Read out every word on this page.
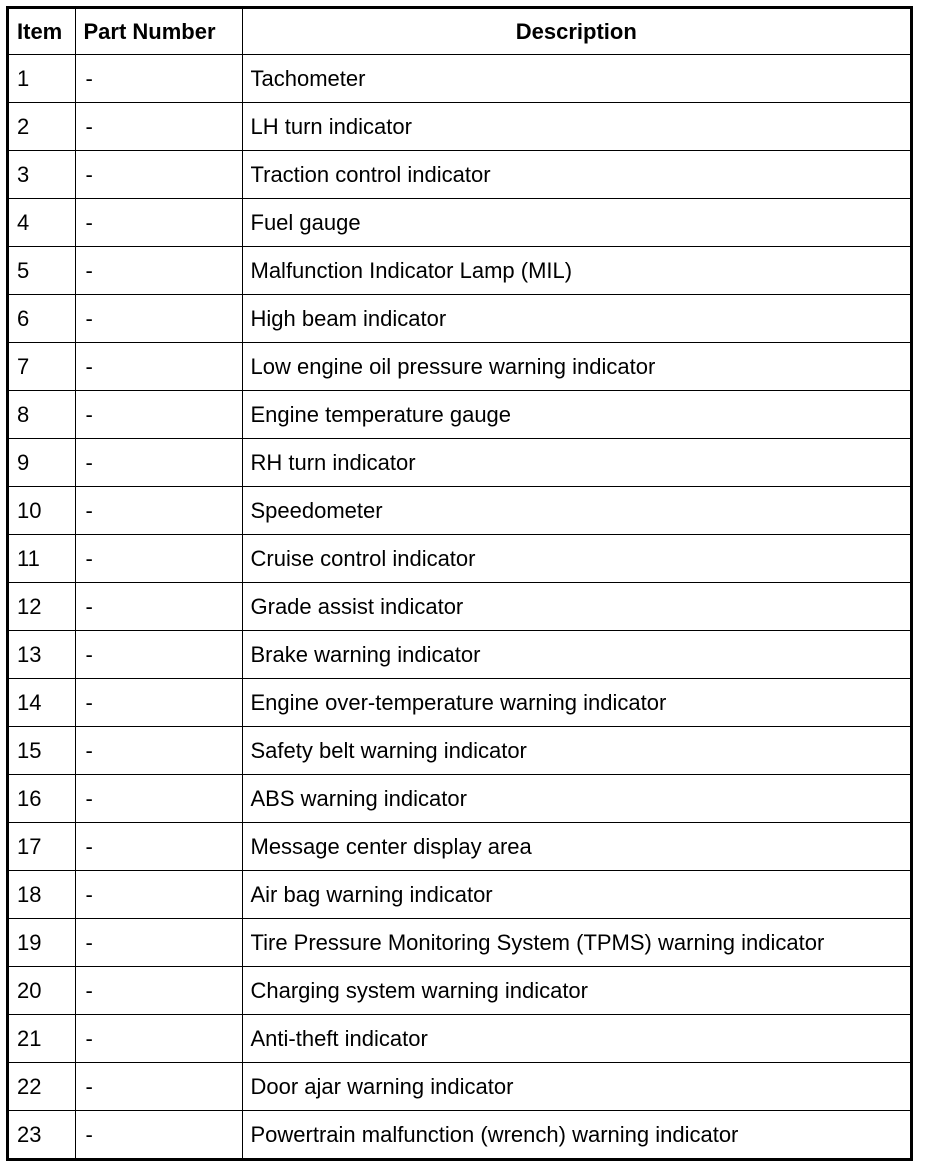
Item	Part Number	Description
1	-	Tachometer
2	-	LH turn indicator
3	-	Traction control indicator
4	-	Fuel gauge
5	-	Malfunction Indicator Lamp (MIL)
6	-	High beam indicator
7	-	Low engine oil pressure warning indicator
8	-	Engine temperature gauge
9	-	RH turn indicator
10	-	Speedometer
11	-	Cruise control indicator
12	-	Grade assist indicator
13	-	Brake warning indicator
14	-	Engine over-temperature warning indicator
15	-	Safety belt warning indicator
16	-	ABS warning indicator
17	-	Message center display area
18	-	Air bag warning indicator
19	-	Tire Pressure Monitoring System (TPMS) warning indicator
20	-	Charging system warning indicator
21	-	Anti-theft indicator
22	-	Door ajar warning indicator
23	-	Powertrain malfunction (wrench) warning indicator
